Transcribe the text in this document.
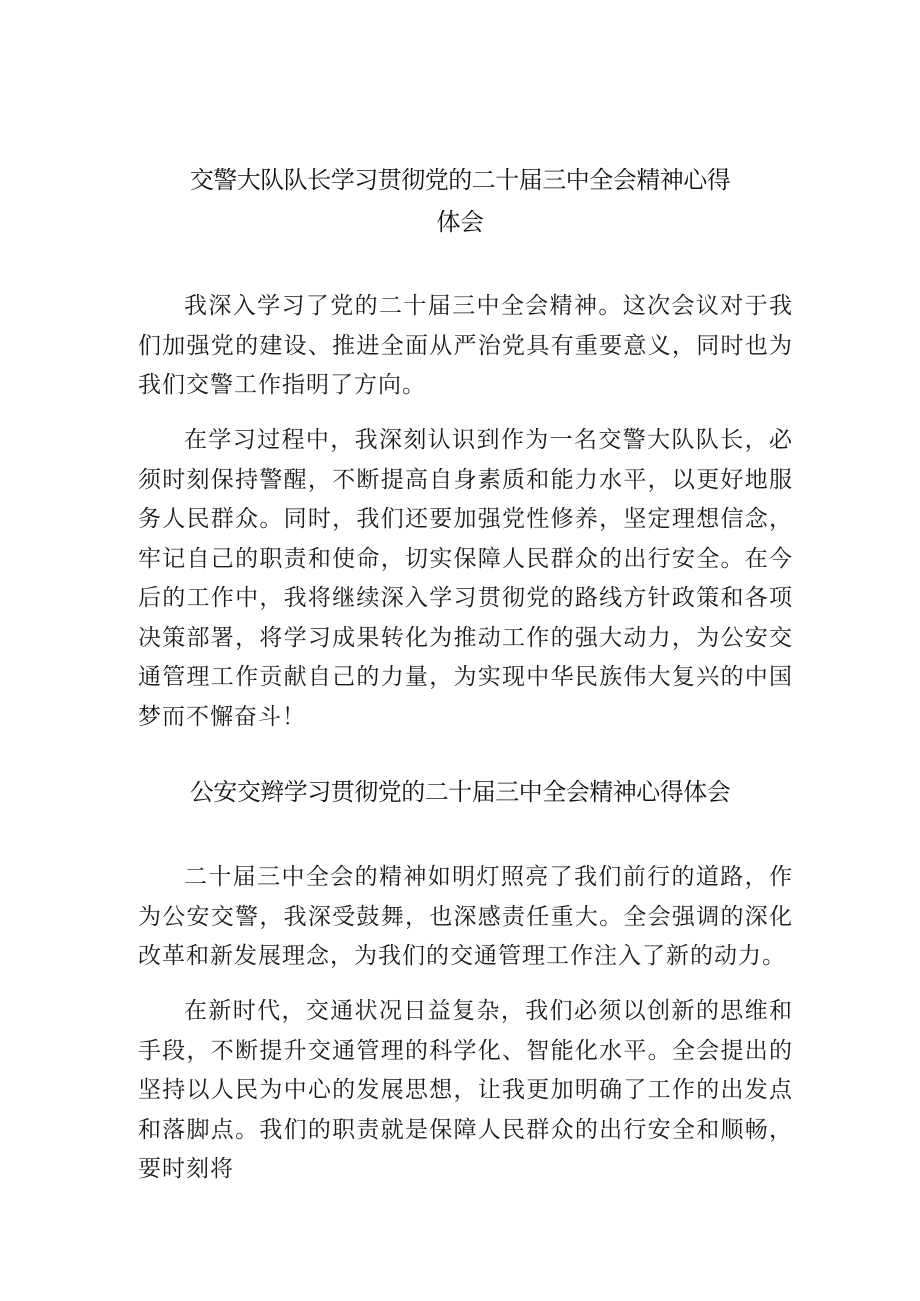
交警大队队长学习贯彻党的二十届三中全会精神心得
体会

我深入学习了党的二十届三中全会精神。这次会议对于我们加强党的建设、推进全面从严治党具有重要意义，同时也为我们交警工作指明了方向。

在学习过程中，我深刻认识到作为一名交警大队队长，必须时刻保持警醒，不断提高自身素质和能力水平，以更好地服务人民群众。同时，我们还要加强党性修养，坚定理想信念，牢记自己的职责和使命，切实保障人民群众的出行安全。在今后的工作中，我将继续深入学习贯彻党的路线方针政策和各项决策部署，将学习成果转化为推动工作的强大动力，为公安交通管理工作贡献自己的力量，为实现中华民族伟大复兴的中国梦而不懈奋斗！

公安交辫学习贯彻党的二十届三中全会精神心得体会

二十届三中全会的精神如明灯照亮了我们前行的道路，作为公安交警，我深受鼓舞，也深感责任重大。全会强调的深化改革和新发展理念，为我们的交通管理工作注入了新的动力。

在新时代，交通状况日益复杂，我们必须以创新的思维和手段，不断提升交通管理的科学化、智能化水平。全会提出的坚持以人民为中心的发展思想，让我更加明确了工作的出发点和落脚点。我们的职责就是保障人民群众的出行安全和顺畅，要时刻将
